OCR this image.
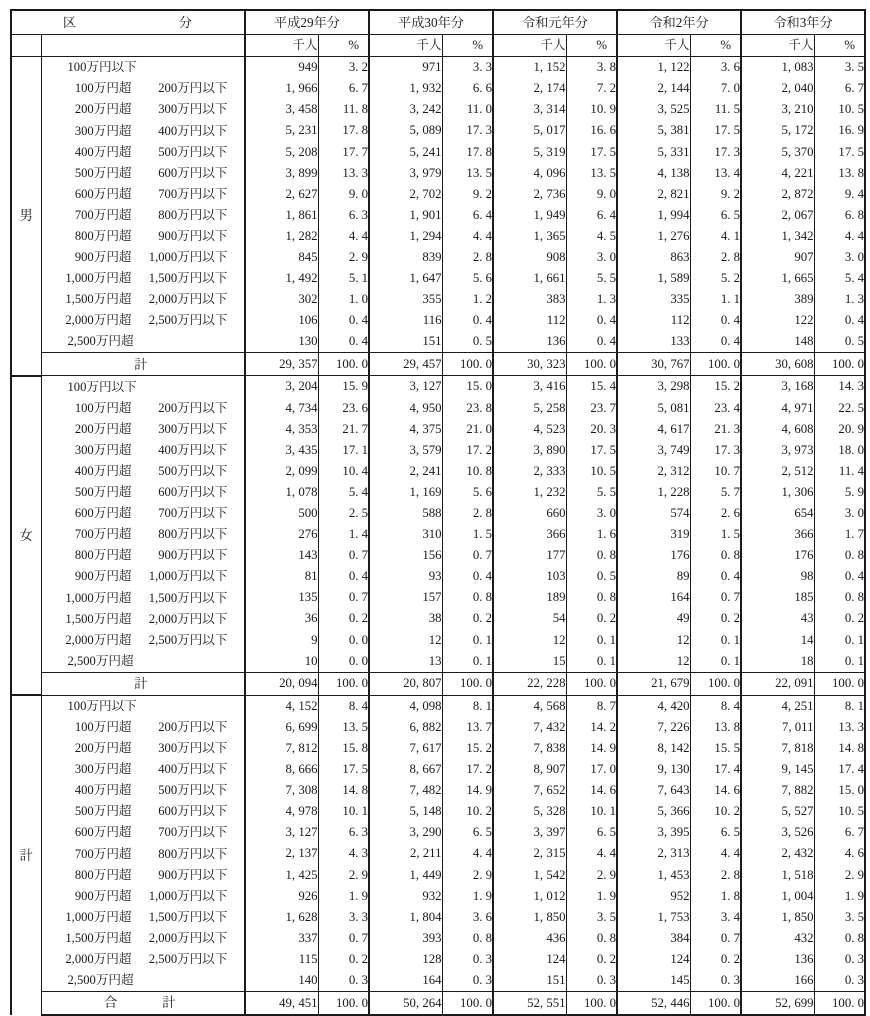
区　　　　　　　分		平成29年分		平成30年分		令和元年分		令和2年分		令和3年分	
		千人	%	千人	%	千人	%	千人	%	千人	%
男	100万円以下	949	3. 2	971	3. 3	1, 152	3. 8	1, 122	3. 6	1, 083	3. 5
	100万円超 200万円以下	1, 966	6. 7	1, 932	6. 6	2, 174	7. 2	2, 144	7. 0	2, 040	6. 7
	200万円超 300万円以下	3, 458	11. 8	3, 242	11. 0	3, 314	10. 9	3, 525	11. 5	3, 210	10. 5
	300万円超 400万円以下	5, 231	17. 8	5, 089	17. 3	5, 017	16. 6	5, 381	17. 5	5, 172	16. 9
	400万円超 500万円以下	5, 208	17. 7	5, 241	17. 8	5, 319	17. 5	5, 331	17. 3	5, 370	17. 5
	500万円超 600万円以下	3, 899	13. 3	3, 979	13. 5	4, 096	13. 5	4, 138	13. 4	4, 221	13. 8
	600万円超 700万円以下	2, 627	9. 0	2, 702	9. 2	2, 736	9. 0	2, 821	9. 2	2, 872	9. 4
	700万円超 800万円以下	1, 861	6. 3	1, 901	6. 4	1, 949	6. 4	1, 994	6. 5	2, 067	6. 8
	800万円超 900万円以下	1, 282	4. 4	1, 294	4. 4	1, 365	4. 5	1, 276	4. 1	1, 342	4. 4
	900万円超 1,000万円以下	845	2. 9	839	2. 8	908	3. 0	863	2. 8	907	3. 0
	1,000万円超 1,500万円以下	1, 492	5. 1	1, 647	5. 6	1, 661	5. 5	1, 589	5. 2	1, 665	5. 4
	1,500万円超 2,000万円以下	302	1. 0	355	1. 2	383	1. 3	335	1. 1	389	1. 3
	2,000万円超 2,500万円以下	106	0. 4	116	0. 4	112	0. 4	112	0. 4	122	0. 4
	2,500万円超	130	0. 4	151	0. 5	136	0. 4	133	0. 4	148	0. 5
	計	29, 357	100. 0	29, 457	100. 0	30, 323	100. 0	30, 767	100. 0	30, 608	100. 0
女	100万円以下	3, 204	15. 9	3, 127	15. 0	3, 416	15. 4	3, 298	15. 2	3, 168	14. 3
	100万円超 200万円以下	4, 734	23. 6	4, 950	23. 8	5, 258	23. 7	5, 081	23. 4	4, 971	22. 5
	200万円超 300万円以下	4, 353	21. 7	4, 375	21. 0	4, 523	20. 3	4, 617	21. 3	4, 608	20. 9
	300万円超 400万円以下	3, 435	17. 1	3, 579	17. 2	3, 890	17. 5	3, 749	17. 3	3, 973	18. 0
	400万円超 500万円以下	2, 099	10. 4	2, 241	10. 8	2, 333	10. 5	2, 312	10. 7	2, 512	11. 4
	500万円超 600万円以下	1, 078	5. 4	1, 169	5. 6	1, 232	5. 5	1, 228	5. 7	1, 306	5. 9
	600万円超 700万円以下	500	2. 5	588	2. 8	660	3. 0	574	2. 6	654	3. 0
	700万円超 800万円以下	276	1. 4	310	1. 5	366	1. 6	319	1. 5	366	1. 7
	800万円超 900万円以下	143	0. 7	156	0. 7	177	0. 8	176	0. 8	176	0. 8
	900万円超 1,000万円以下	81	0. 4	93	0. 4	103	0. 5	89	0. 4	98	0. 4
	1,000万円超 1,500万円以下	135	0. 7	157	0. 8	189	0. 8	164	0. 7	185	0. 8
	1,500万円超 2,000万円以下	36	0. 2	38	0. 2	54	0. 2	49	0. 2	43	0. 2
	2,000万円超 2,500万円以下	9	0. 0	12	0. 1	12	0. 1	12	0. 1	14	0. 1
	2,500万円超	10	0. 0	13	0. 1	15	0. 1	12	0. 1	18	0. 1
	計	20, 094	100. 0	20, 807	100. 0	22, 228	100. 0	21, 679	100. 0	22, 091	100. 0
計	100万円以下	4, 152	8. 4	4, 098	8. 1	4, 568	8. 7	4, 420	8. 4	4, 251	8. 1
	100万円超 200万円以下	6, 699	13. 5	6, 882	13. 7	7, 432	14. 2	7, 226	13. 8	7, 011	13. 3
	200万円超 300万円以下	7, 812	15. 8	7, 617	15. 2	7, 838	14. 9	8, 142	15. 5	7, 818	14. 8
	300万円超 400万円以下	8, 666	17. 5	8, 667	17. 2	8, 907	17. 0	9, 130	17. 4	9, 145	17. 4
	400万円超 500万円以下	7, 308	14. 8	7, 482	14. 9	7, 652	14. 6	7, 643	14. 6	7, 882	15. 0
	500万円超 600万円以下	4, 978	10. 1	5, 148	10. 2	5, 328	10. 1	5, 366	10. 2	5, 527	10. 5
	600万円超 700万円以下	3, 127	6. 3	3, 290	6. 5	3, 397	6. 5	3, 395	6. 5	3, 526	6. 7
	700万円超 800万円以下	2, 137	4. 3	2, 211	4. 4	2, 315	4. 4	2, 313	4. 4	2, 432	4. 6
	800万円超 900万円以下	1, 425	2. 9	1, 449	2. 9	1, 542	2. 9	1, 453	2. 8	1, 518	2. 9
	900万円超 1,000万円以下	926	1. 9	932	1. 9	1, 012	1. 9	952	1. 8	1, 004	1. 9
	1,000万円超 1,500万円以下	1, 628	3. 3	1, 804	3. 6	1, 850	3. 5	1, 753	3. 4	1, 850	3. 5
	1,500万円超 2,000万円以下	337	0. 7	393	0. 8	436	0. 8	384	0. 7	432	0. 8
	2,000万円超 2,500万円以下	115	0. 2	128	0. 3	124	0. 2	124	0. 2	136	0. 3
	2,500万円超	140	0. 3	164	0. 3	151	0. 3	145	0. 3	166	0. 3
	合　　計	49, 451	100. 0	50, 264	100. 0	52, 551	100. 0	52, 446	100. 0	52, 699	100. 0
